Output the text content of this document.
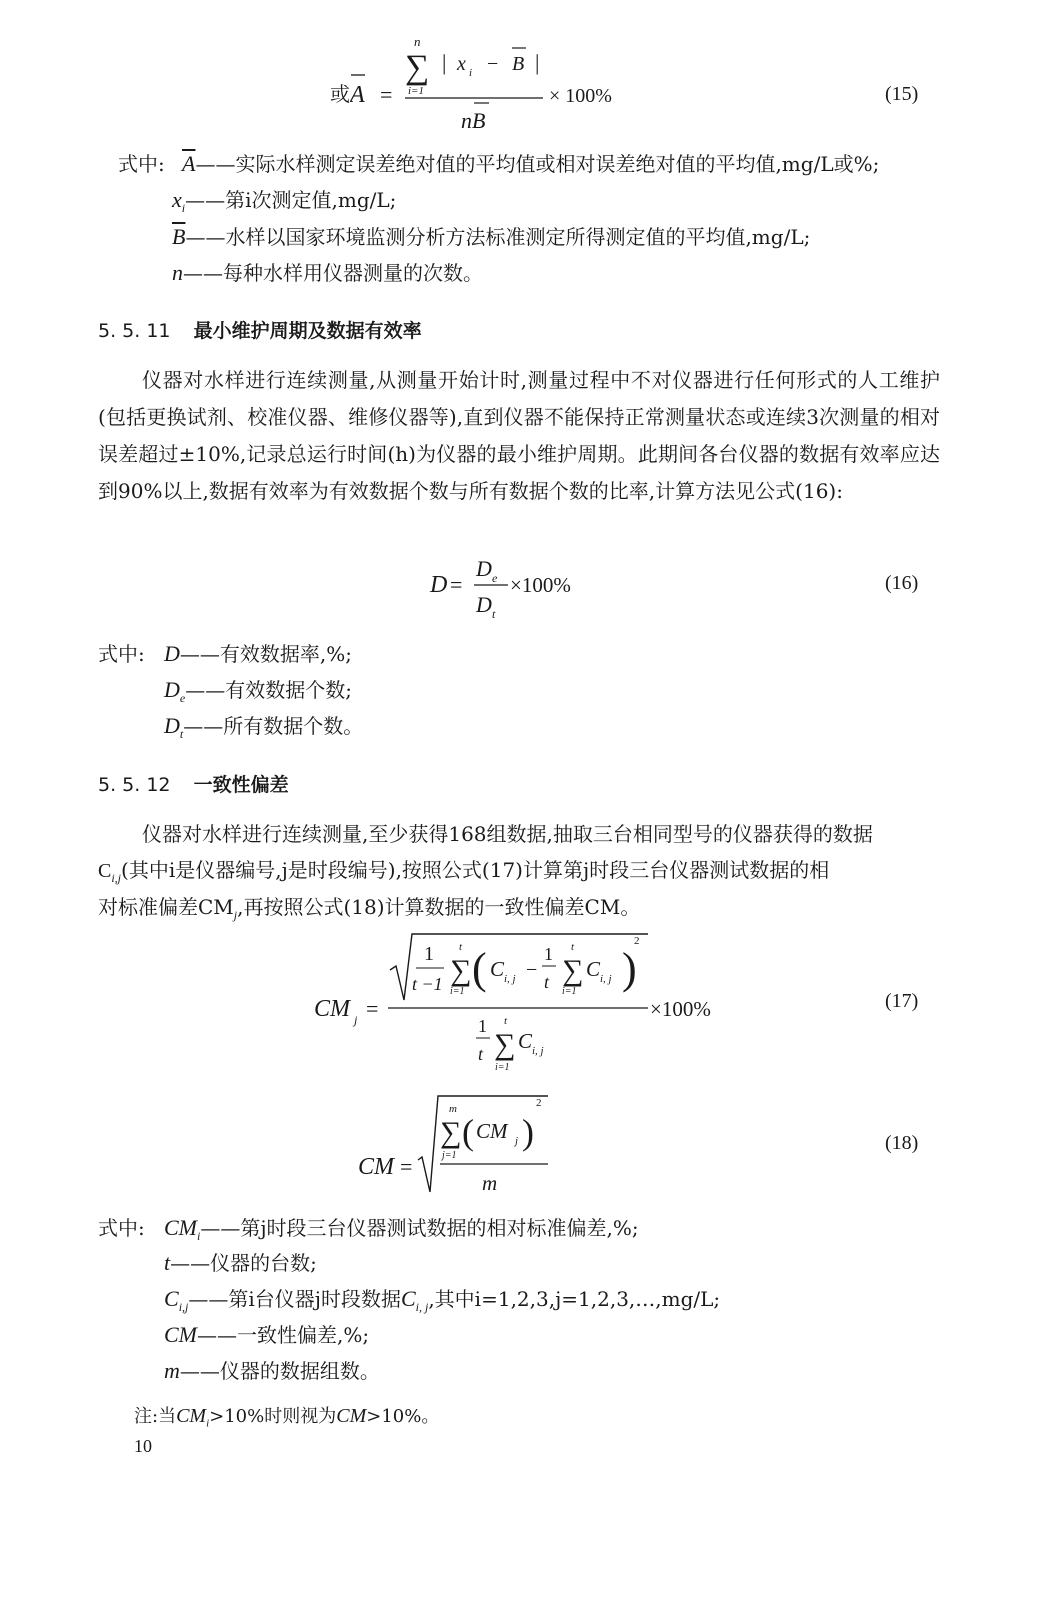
或 A =
n
∑
i=1
| x i − B |
nB
× 100%	(15)
式中: $\overline{A}——$实际水样测定误差绝对值的平均值或相对误差绝对值的平均值,mg/L或%;
$x_i——$第i次测定值,mg/L;
$\overline{B}——$水样以国家环境监测分析方法标准测定所得测定值的平均值,mg/L;
n——每种水样用仪器测量的次数。
5. 5. 11 最小维护周期及数据有效率

仪器对水样进行连续测量,从测量开始计时,测量过程中不对仪器进行任何形式的人工维护(包括更换试剂、校准仪器、维修仪器等),直到仪器不能保持正常测量状态或连续3次测量的相对误差超过±10%,记录总运行时间(h)为仪器的最小维护周期。此期间各台仪器的数据有效率应达到90%以上,数据有效率为有效数据个数与所有数据个数的比率,计算方法见公式(16):

D =
D e
D t
×100%	(16)
式中: D——有效数据率,%;
$D_e——$有效数据个数;
$D_t——$所有数据个数。
5. 5. 12 一致性偏差
仪器对水样进行连续测量,至少获得168组数据,抽取三台相同型号的仪器获得的数据
$C_{i,j}$(其中i是仪器编号,j是时段编号),按照公式(17)计算第j时段三台仪器测试数据的相
对标准偏差$CM_j$,再按照公式(18)计算数据的一致性偏差CM。
CM j =
1
t −1
t
∑
i=1 ( C i, j −
1
t
t
∑
i=1
C i, j )
2
1
t
t
∑
i=1
C i, j
×100%	(17)
CM =
m
∑
j=1
( CM j )
2
m
(18)
式中: $CM_i——$第j时段三台仪器测试数据的相对标准偏差,%;
t——仪器的台数;
$C_{i,j}——$第i台仪器j时段数据$C_{i, j}$,其中i=1,2,3,j=1,2,3,…,mg/L;
CM——一致性偏差,%;
m——仪器的数据组数。
注:当$CM_i>10\%$时则视为CM>10%。
10
